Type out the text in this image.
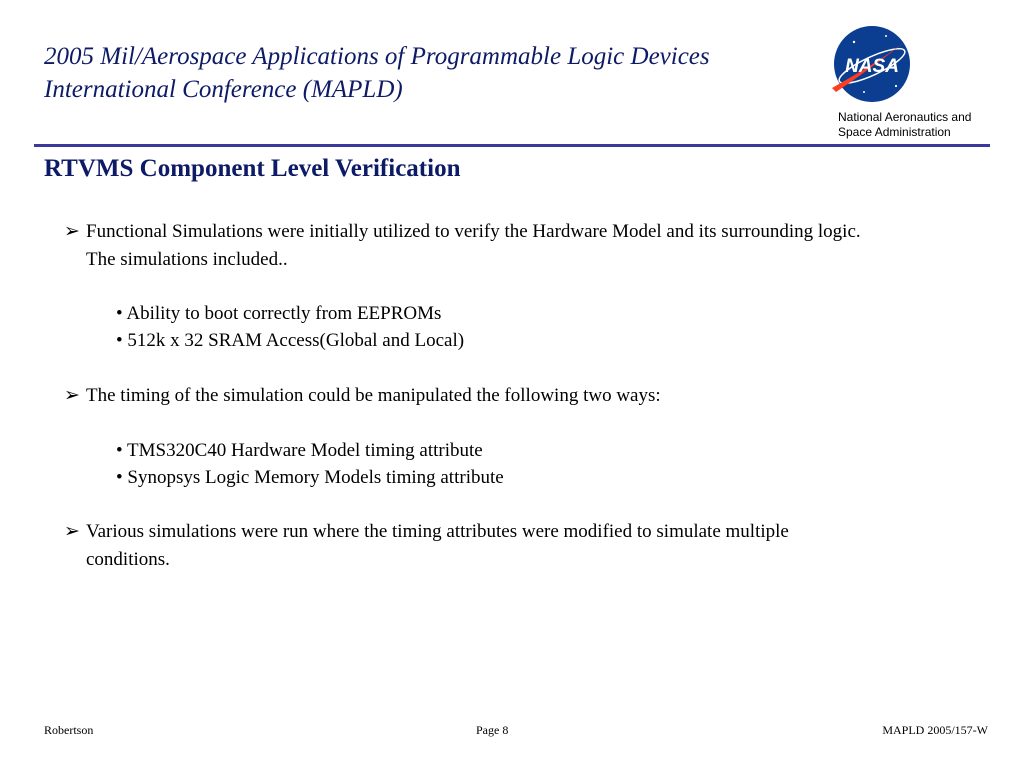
2005 Mil/Aerospace Applications of Programmable Logic Devices
International Conference (MAPLD)
NASA
National Aeronautics and
Space Administration
RTVMS Component Level Verification
➢ Functional Simulations were initially utilized to verify the Hardware Model and its surrounding logic. The simulations included..
• Ability to boot correctly from EEPROMs
• 512k x 32 SRAM Access(Global and Local)
➢ The timing of the simulation could be manipulated the following two ways:
• TMS320C40 Hardware Model timing attribute
• Synopsys Logic Memory Models timing attribute
➢ Various simulations were run where the timing attributes were modified to simulate multiple conditions.
Robertson	Page 8	MAPLD 2005/157-W
